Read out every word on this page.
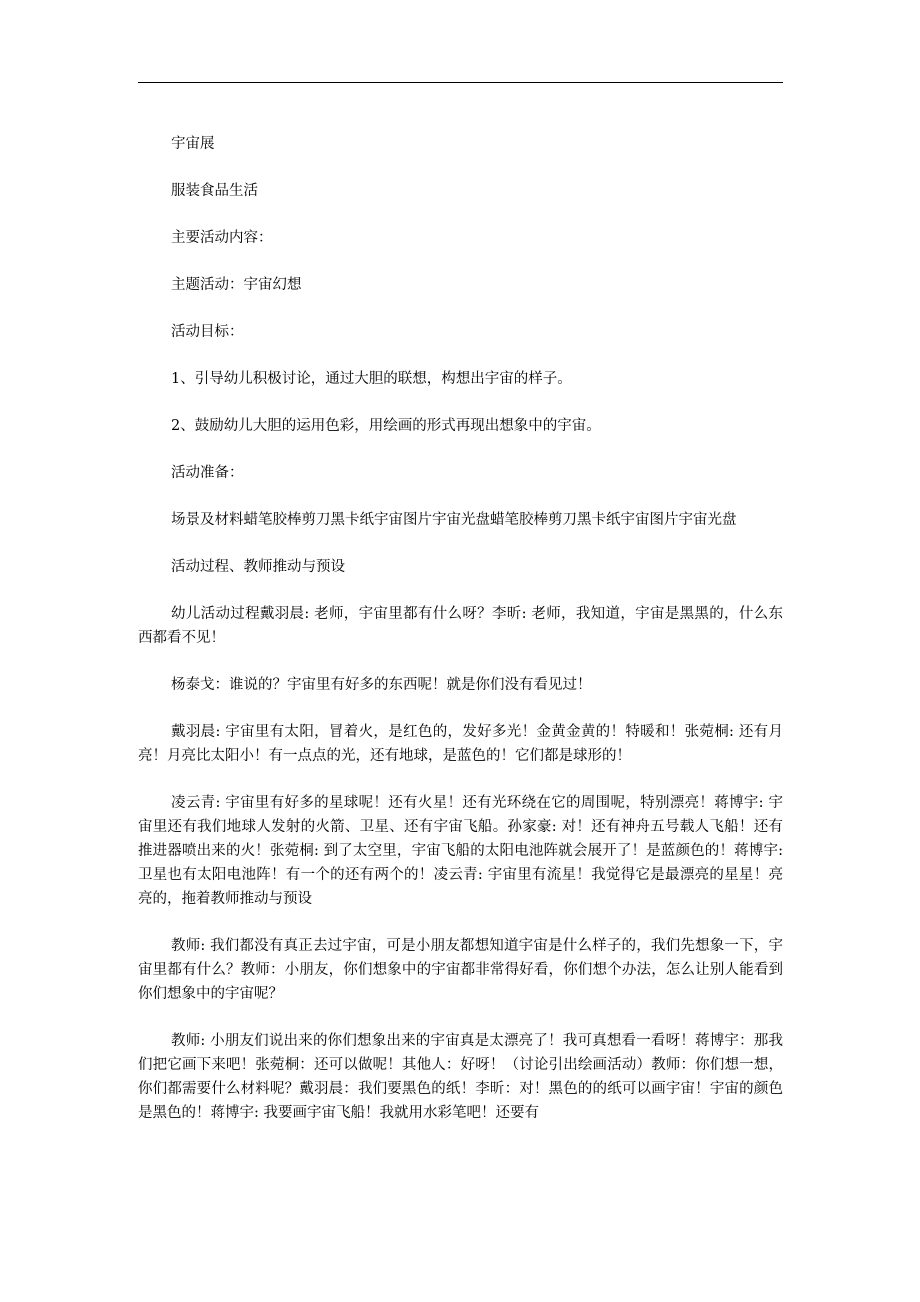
宇宙展

服装食品生活

主要活动内容：

主题活动：宇宙幻想

活动目标：

1、引导幼儿积极讨论，通过大胆的联想，构想出宇宙的样子。

2、鼓励幼儿大胆的运用色彩，用绘画的形式再现出想象中的宇宙。

活动准备：

场景及材料蜡笔胶棒剪刀黑卡纸宇宙图片宇宙光盘蜡笔胶棒剪刀黑卡纸宇宙图片宇宙光盘

活动过程、教师推动与预设

幼儿活动过程戴羽晨: 老师，宇宙里都有什么呀？李昕: 老师，我知道，宇宙是黑黑的，什么东西都看不见！

杨泰戈：谁说的？宇宙里有好多的东西呢！就是你们没有看见过！

戴羽晨: 宇宙里有太阳，冒着火，是红色的，发好多光！金黄金黄的！特暖和！张菀桐: 还有月亮！月亮比太阳小！有一点点的光，还有地球，是蓝色的！它们都是球形的！

凌云青: 宇宙里有好多的星球呢！还有火星！还有光环绕在它的周围呢，特别漂亮！蒋博宇: 宇宙里还有我们地球人发射的火箭、卫星、还有宇宙飞船。孙家豪: 对！还有神舟五号载人飞船！还有推进器喷出来的火！张菀桐: 到了太空里，宇宙飞船的太阳电池阵就会展开了！是蓝颜色的！蒋博宇: 卫星也有太阳电池阵！有一个的还有两个的！凌云青: 宇宙里有流星！我觉得它是最漂亮的星星！亮亮的，拖着教师推动与预设

教师: 我们都没有真正去过宇宙，可是小朋友都想知道宇宙是什么样子的，我们先想象一下，宇宙里都有什么？教师：小朋友，你们想象中的宇宙都非常得好看，你们想个办法，怎么让别人能看到你们想象中的宇宙呢？

教师: 小朋友们说出来的你们想象出来的宇宙真是太漂亮了！我可真想看一看呀！蒋博宇：那我们把它画下来吧！张菀桐：还可以做呢！其他人：好呀！（讨论引出绘画活动）教师：你们想一想，你们都需要什么材料呢？戴羽晨：我们要黑色的纸！李昕：对！黑色的的纸可以画宇宙！宇宙的颜色是黑色的！蒋博宇: 我要画宇宙飞船！我就用水彩笔吧！还要有
